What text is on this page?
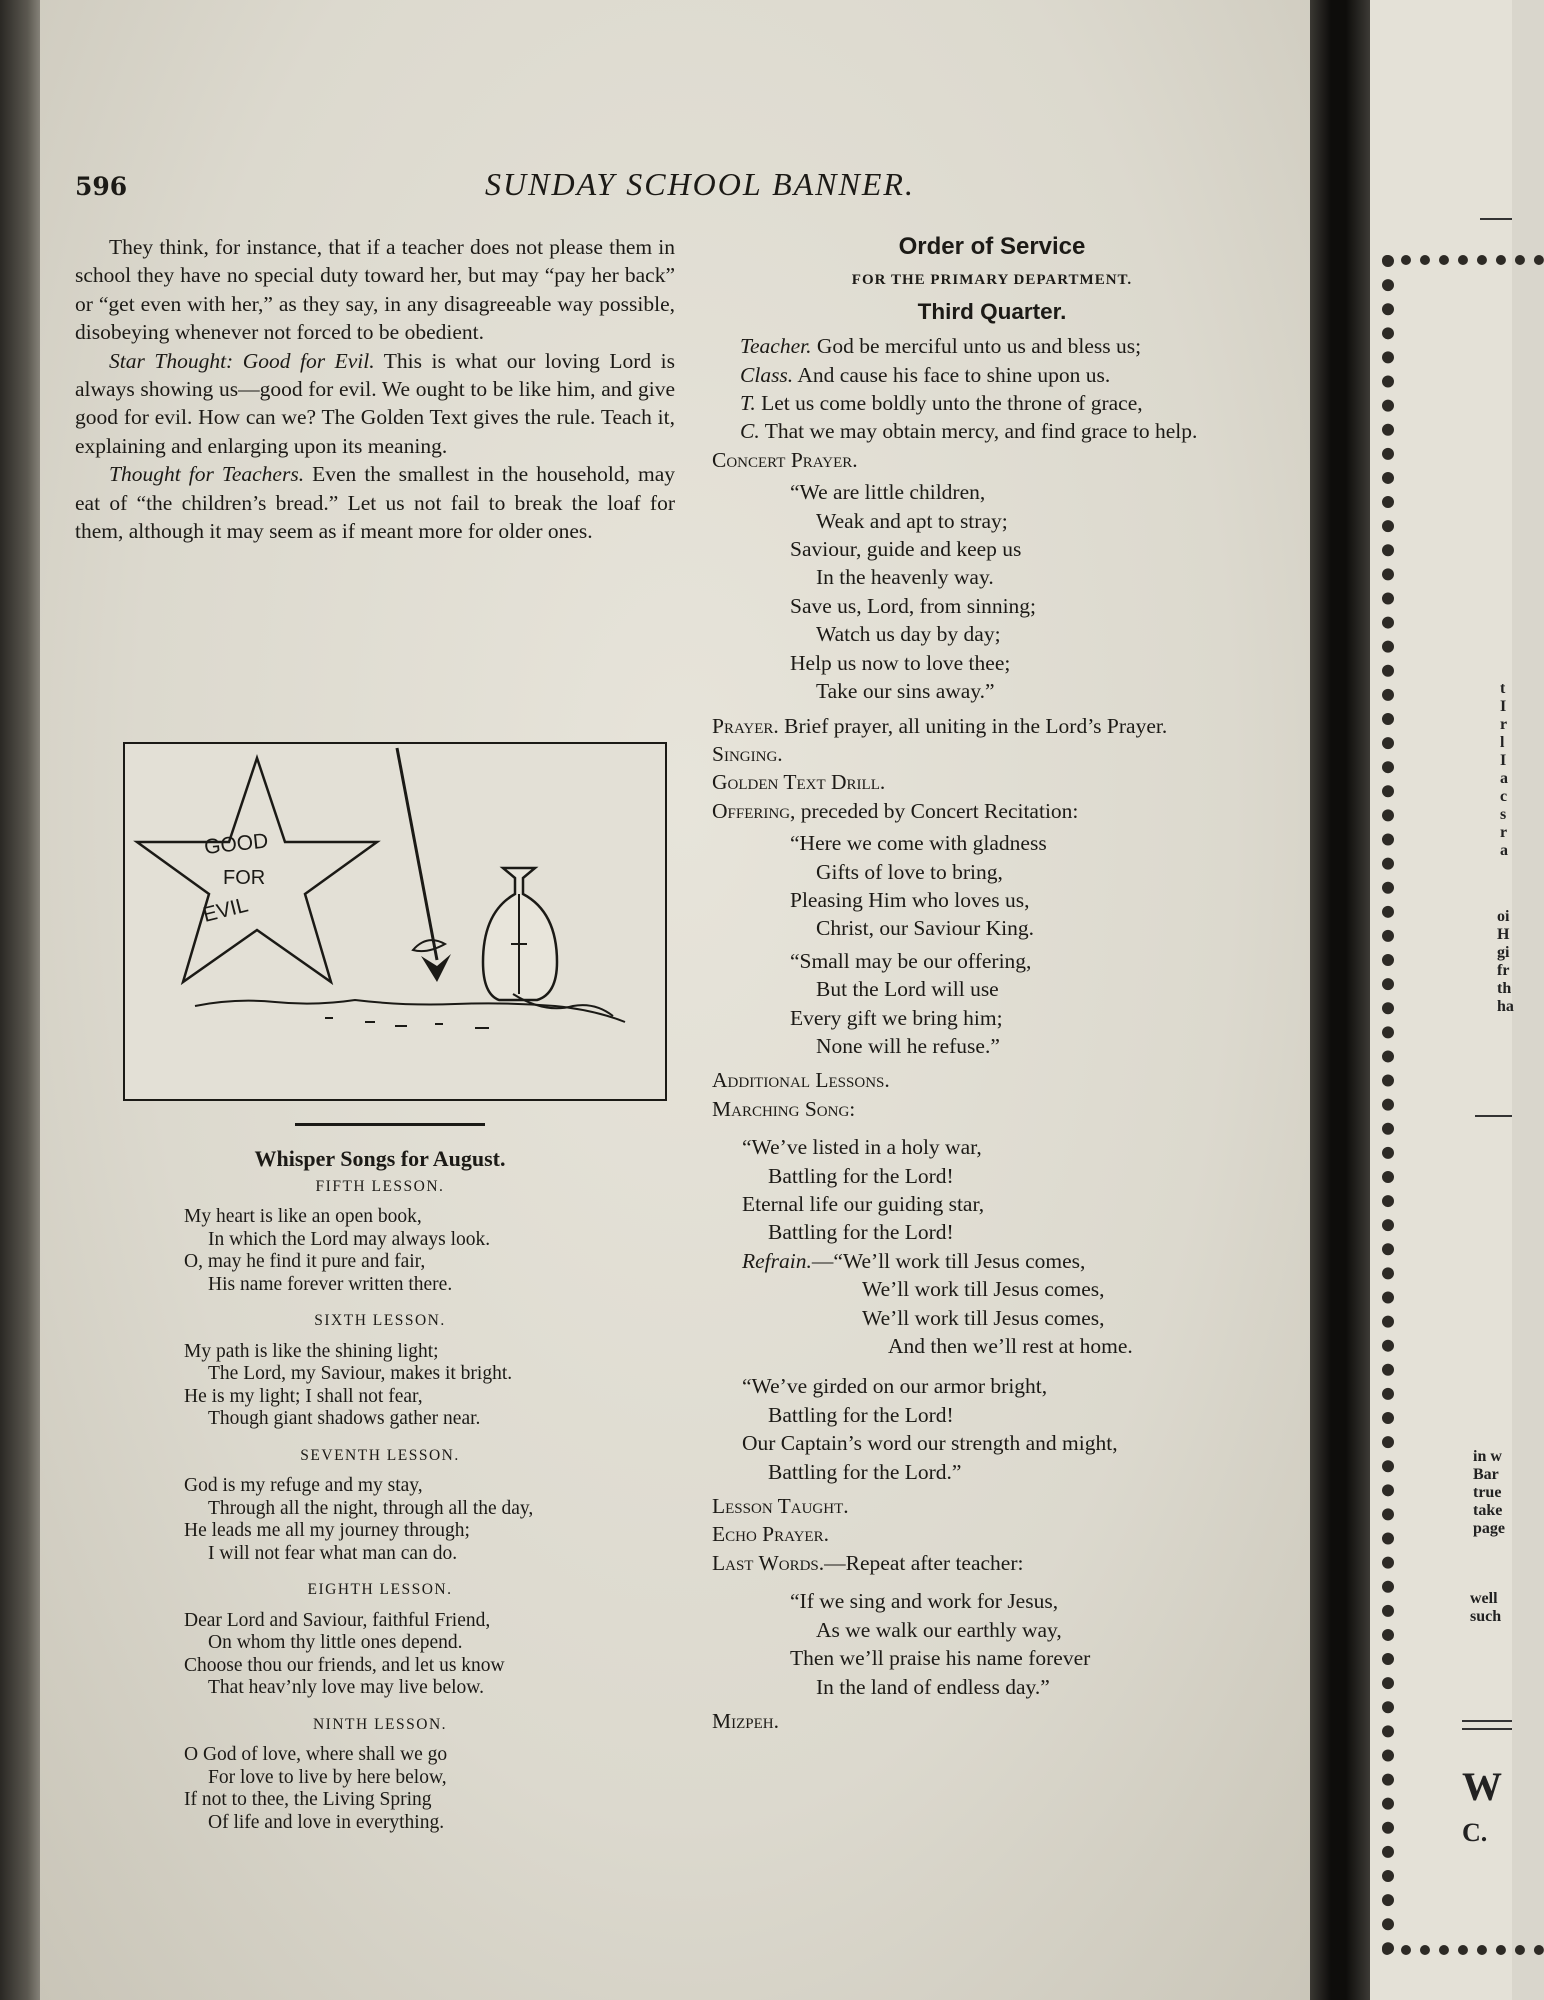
t
I
r
l
I
a
c
s
r
a
oi
H
gi
fr
th
ha
in w
Bar
true
take
page
well
such
W
C.
596	SUNDAY SCHOOL BANNER.

They think, for instance, that if a teacher does not please them in school they have no special duty toward her, but may “pay her back” or “get even with her,” as they say, in any disagreeable way possible, disobeying whenever not forced to be obedient.

Star Thought: Good for Evil. This is what our loving Lord is always showing us—good for evil. We ought to be like him, and give good for evil. How can we? The Golden Text gives the rule. Teach it, explaining and enlarging upon its meaning.

Thought for Teachers. Even the smallest in the household, may eat of “the children’s bread.” Let us not fail to break the loaf for them, although it may seem as if meant more for older ones.

GOOD
FOR
EVIL
Whisper Songs for August.
FIFTH LESSON.
My heart is like an open book,
In which the Lord may always look.
O, may he find it pure and fair,
His name forever written there.
SIXTH LESSON.
My path is like the shining light;
The Lord, my Saviour, makes it bright.
He is my light; I shall not fear,
Though giant shadows gather near.
SEVENTH LESSON.
God is my refuge and my stay,
Through all the night, through all the day,
He leads me all my journey through;
I will not fear what man can do.
EIGHTH LESSON.
Dear Lord and Saviour, faithful Friend,
On whom thy little ones depend.
Choose thou our friends, and let us know
That heav’nly love may live below.
NINTH LESSON.
O God of love, where shall we go
For love to live by here below,
If not to thee, the Living Spring
Of life and love in everything.
Order of Service
FOR THE PRIMARY DEPARTMENT.
Third Quarter.

Teacher. God be merciful unto us and bless us;

Class. And cause his face to shine upon us.

T. Let us come boldly unto the throne of grace,

C. That we may obtain mercy, and find grace to help.

Concert Prayer.
“We are little children,
Weak and apt to stray;
Saviour, guide and keep us
In the heavenly way.
Save us, Lord, from sinning;
Watch us day by day;
Help us now to love thee;
Take our sins away.”
Prayer. Brief prayer, all uniting in the Lord’s Prayer.
Singing.
Golden Text Drill.
Offering, preceded by Concert Recitation:
“Here we come with gladness
Gifts of love to bring,
Pleasing Him who loves us,
Christ, our Saviour King.
“Small may be our offering,
But the Lord will use
Every gift we bring him;
None will he refuse.”
Additional Lessons.
Marching Song:
“We’ve listed in a holy war,
Battling for the Lord!
Eternal life our guiding star,
Battling for the Lord!
Refrain.—“We’ll work till Jesus comes,
We’ll work till Jesus comes,
We’ll work till Jesus comes,
And then we’ll rest at home.
“We’ve girded on our armor bright,
Battling for the Lord!
Our Captain’s word our strength and might,
Battling for the Lord.”
Lesson Taught.
Echo Prayer.
Last Words.—Repeat after teacher:
“If we sing and work for Jesus,
As we walk our earthly way,
Then we’ll praise his name forever
In the land of endless day.”
Mizpeh.
